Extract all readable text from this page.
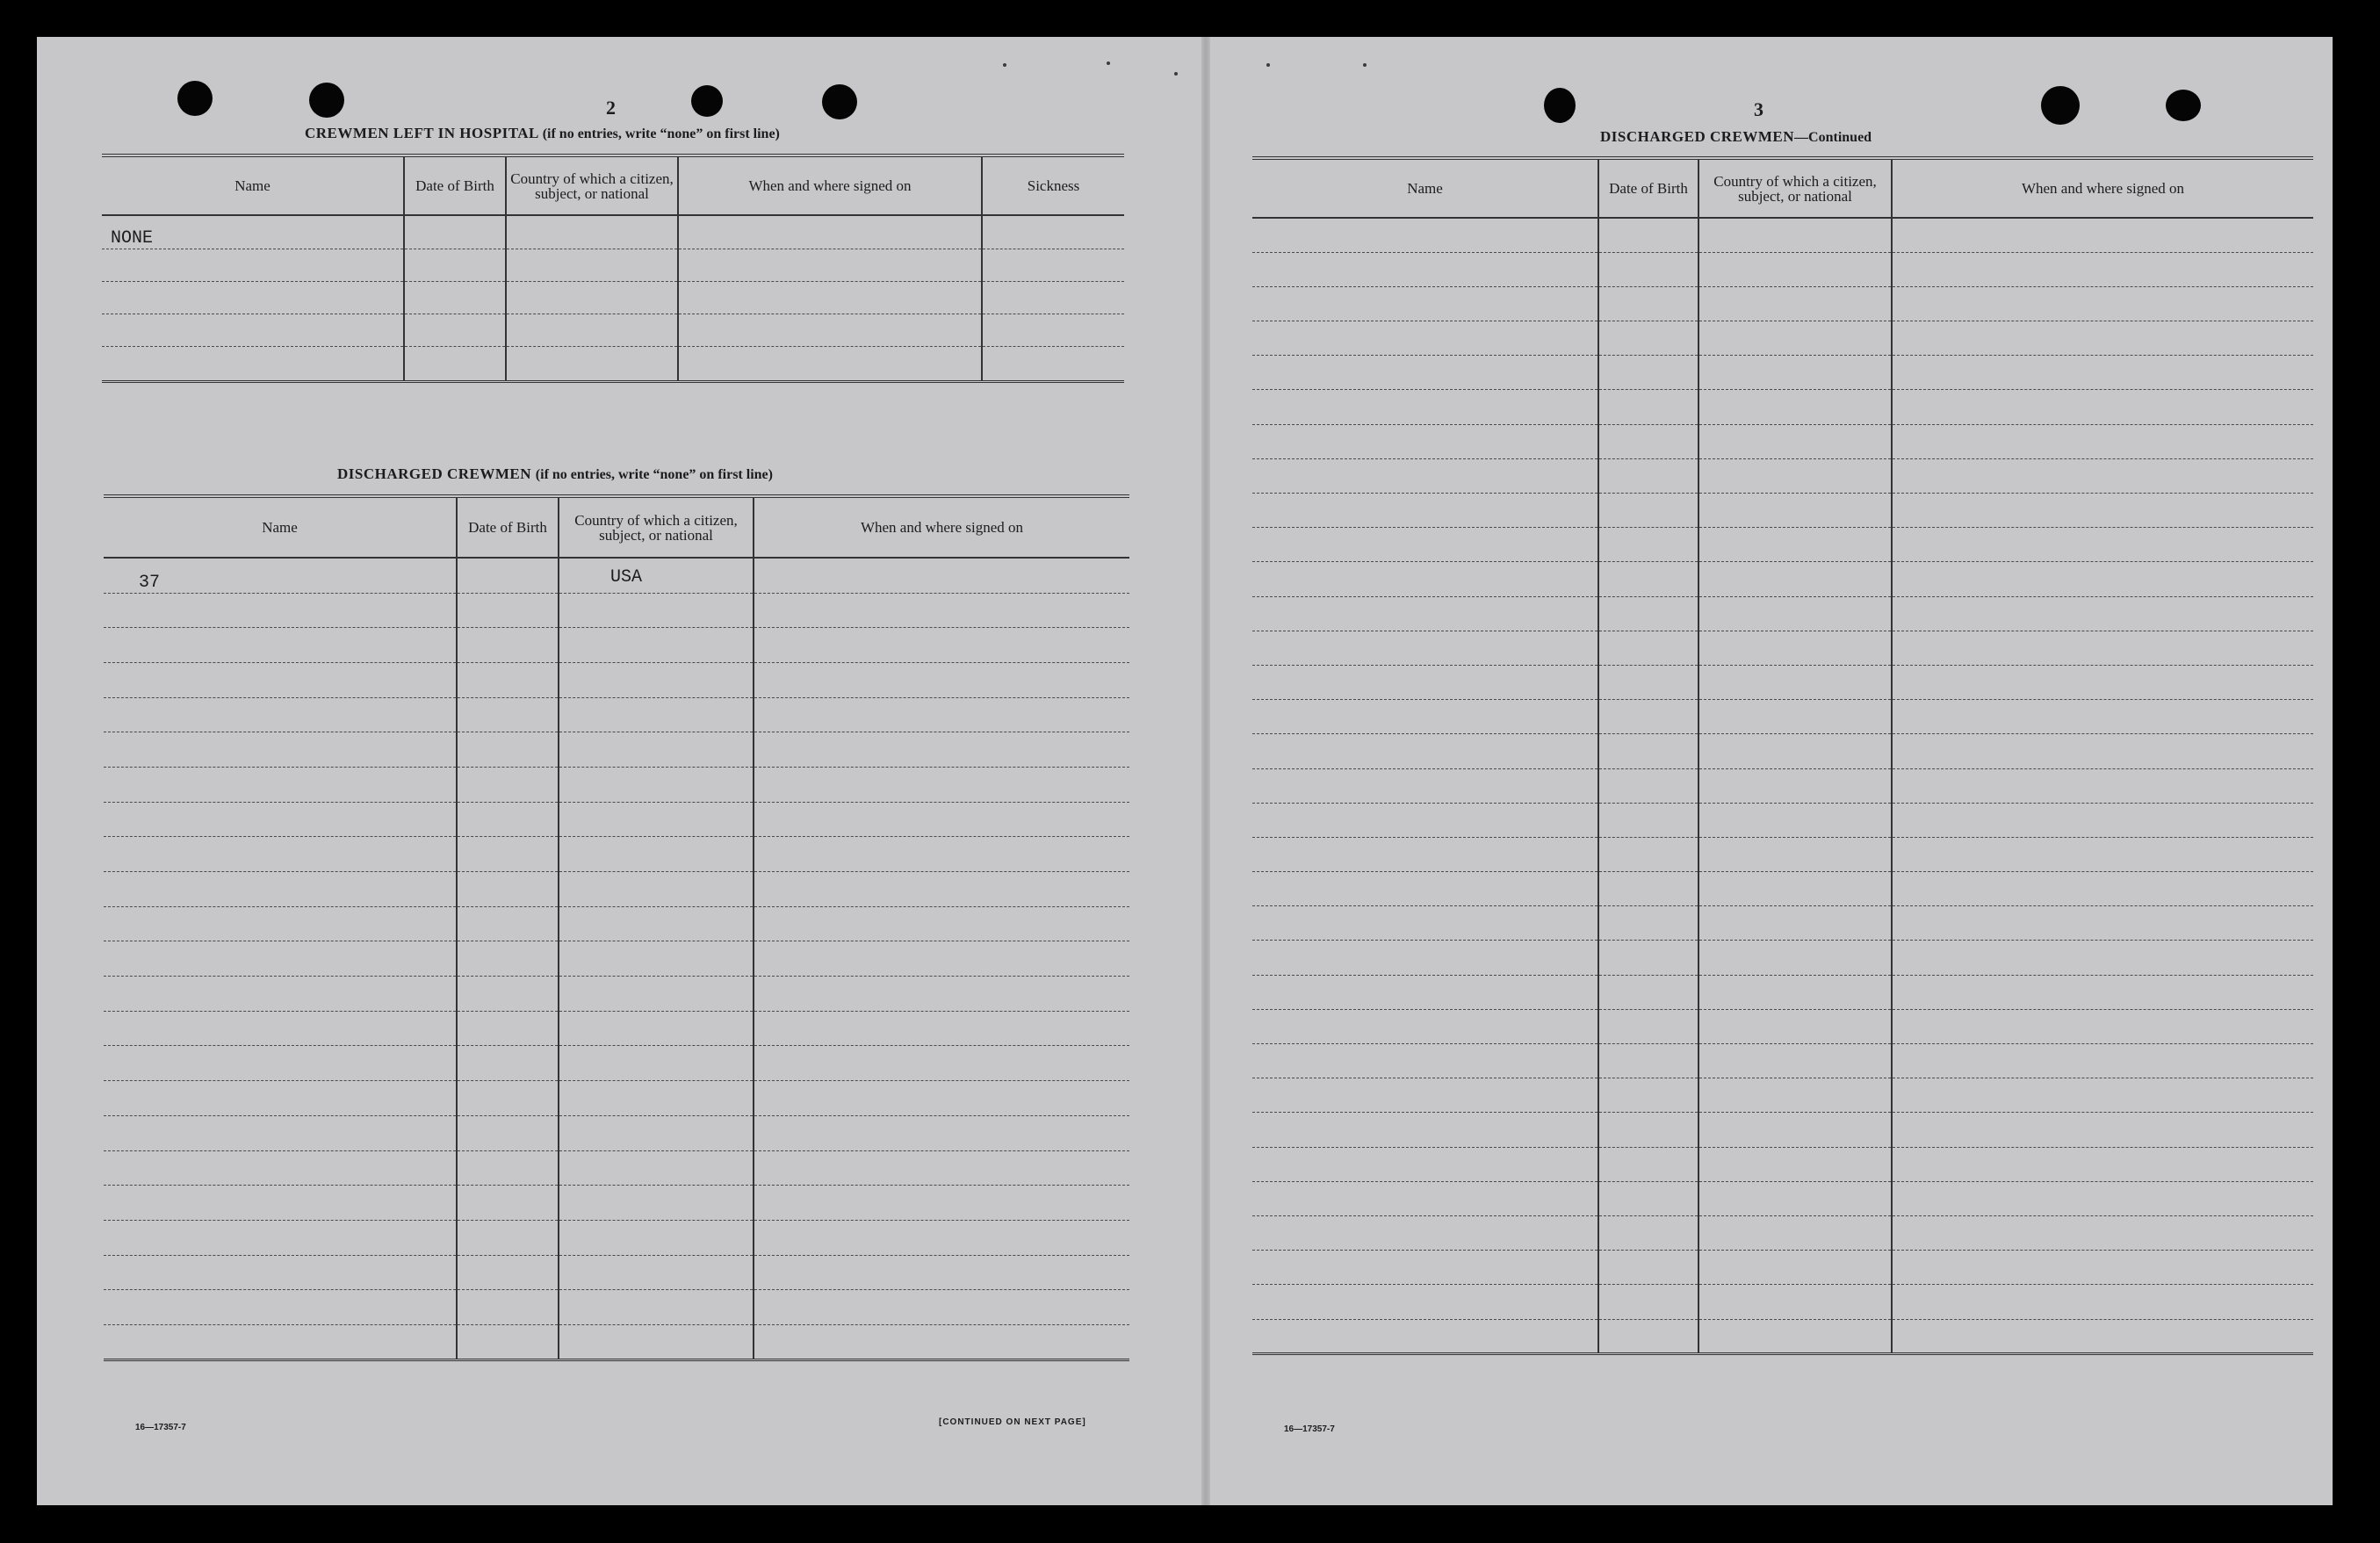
2
CREWMEN LEFT IN HOSPITAL (if no entries, write “none” on first line)
Name	Date of Birth	Country of which a citizen, subject, or national	When and where signed on	Sickness
NONE				

DISCHARGED CREWMEN (if no entries, write “none” on first line)
Name	Date of Birth	Country of which a citizen, subject, or national	When and where signed on
37		USA	

16—17357-7
[CONTINUED ON NEXT PAGE]
3
DISCHARGED CREWMEN—Continued
Name	Date of Birth	Country of which a citizen, subject, or national	When and where signed on

16—17357-7
